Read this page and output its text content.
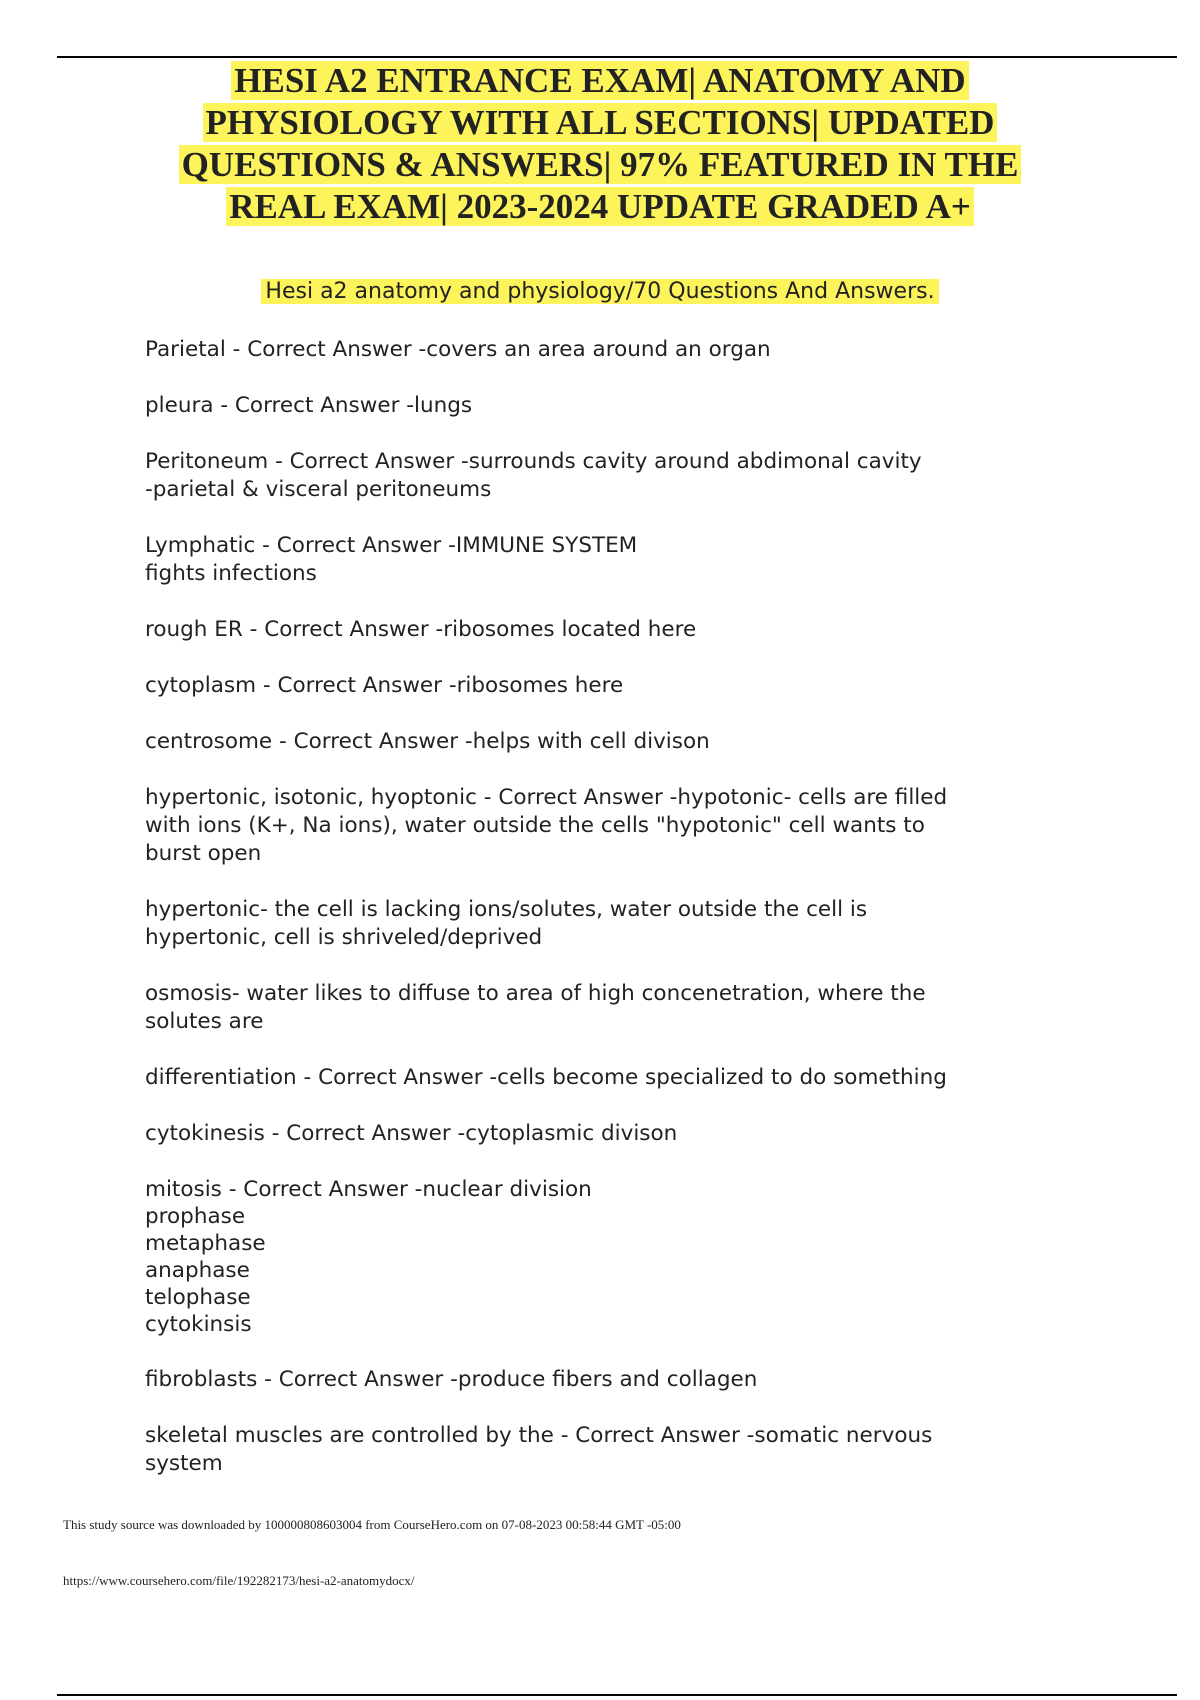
HESI A2 ENTRANCE EXAM| ANATOMY AND
PHYSIOLOGY WITH ALL SECTIONS| UPDATED
QUESTIONS & ANSWERS| 97% FEATURED IN THE
REAL EXAM| 2023-2024 UPDATE GRADED A+
Hesi a2 anatomy and physiology/70 Questions And Answers.
Parietal - Correct Answer -covers an area around an organ
pleura - Correct Answer -lungs
Peritoneum - Correct Answer -surrounds cavity around abdimonal cavity
-parietal & visceral peritoneums
Lymphatic - Correct Answer -IMMUNE SYSTEM
fights infections
rough ER - Correct Answer -ribosomes located here
cytoplasm - Correct Answer -ribosomes here
centrosome - Correct Answer -helps with cell divison
hypertonic, isotonic, hyoptonic - Correct Answer -hypotonic- cells are filled
with ions (K+, Na ions), water outside the cells "hypotonic" cell wants to
burst open
hypertonic- the cell is lacking ions/solutes, water outside the cell is
hypertonic, cell is shriveled/deprived
osmosis- water likes to diffuse to area of high concenetration, where the
solutes are
differentiation - Correct Answer -cells become specialized to do something
cytokinesis - Correct Answer -cytoplasmic divison
mitosis - Correct Answer -nuclear division
prophase
metaphase
anaphase
telophase
cytokinsis
fibroblasts - Correct Answer -produce fibers and collagen
skeletal muscles are controlled by the - Correct Answer -somatic nervous
system
This study source was downloaded by 100000808603004 from CourseHero.com on 07-08-2023 00:58:44 GMT -05:00
https://www.coursehero.com/file/192282173/hesi-a2-anatomydocx/
